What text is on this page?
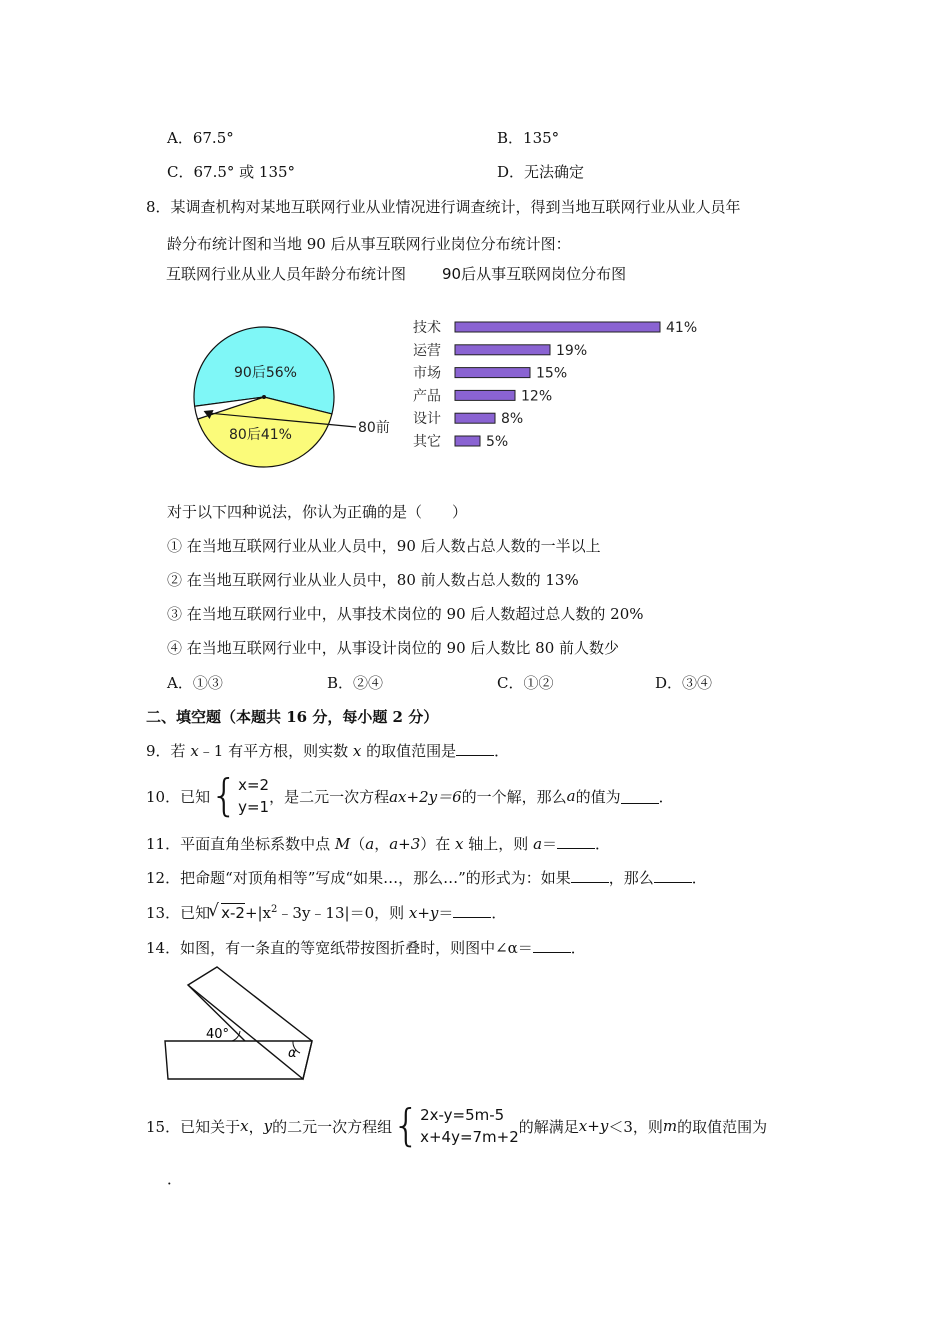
A．67.5°	B．135°
C．67.5° 或 135°	D．无法确定
8．某调查机构对某地互联网行业从业情况进行调查统计，得到当地互联网行业从业人员年
龄分布统计图和当地 90 后从事互联网行业岗位分布统计图：
互联网行业从业人员年龄分布统计图 90后从事互联网岗位分布图
90后56%
80后41%	80前
技术	41%
运营	19%
市场	15%
产品	12%
设计	8%
其它	5%
对于以下四种说法，你认为正确的是（　　）
① 在当地互联网行业从业人员中，90 后人数占总人数的一半以上
② 在当地互联网行业从业人员中，80 前人数占总人数的 13%
③ 在当地互联网行业中，从事技术岗位的 90 后人数超过总人数的 20%
④ 在当地互联网行业中，从事设计岗位的 90 后人数比 80 前人数少
A．①③	B．②④	C．①②	D．③④
二、填空题（本题共 16 分，每小题 2 分）
9．若 x﹣1 有平方根，则实数 x 的取值范围是	．
10．已知 { x=2
y=1
，是二元一次方程 ax+2y＝6 的一个解，那么 a 的值为	．
11．平面直角坐标系数中点 M（a，a+3）在 x 轴上，则 a＝	．
12．把命题“对顶角相等”写成“如果…，那么…”的形式为：如果	，那么	．
13．已知√ $x-2+|x^2﹣3y﹣13|=0$，则 x+y＝	．
14．如图，有一条直的等宽纸带按图折叠时，则图中∠α＝	．
40°
α
15．已知关于 x ， y 的二元一次方程组 { 2x-y=5m-5
x+4y=7m+2
的解满足 x+y ＜3，则 m 的取值范围为
．
